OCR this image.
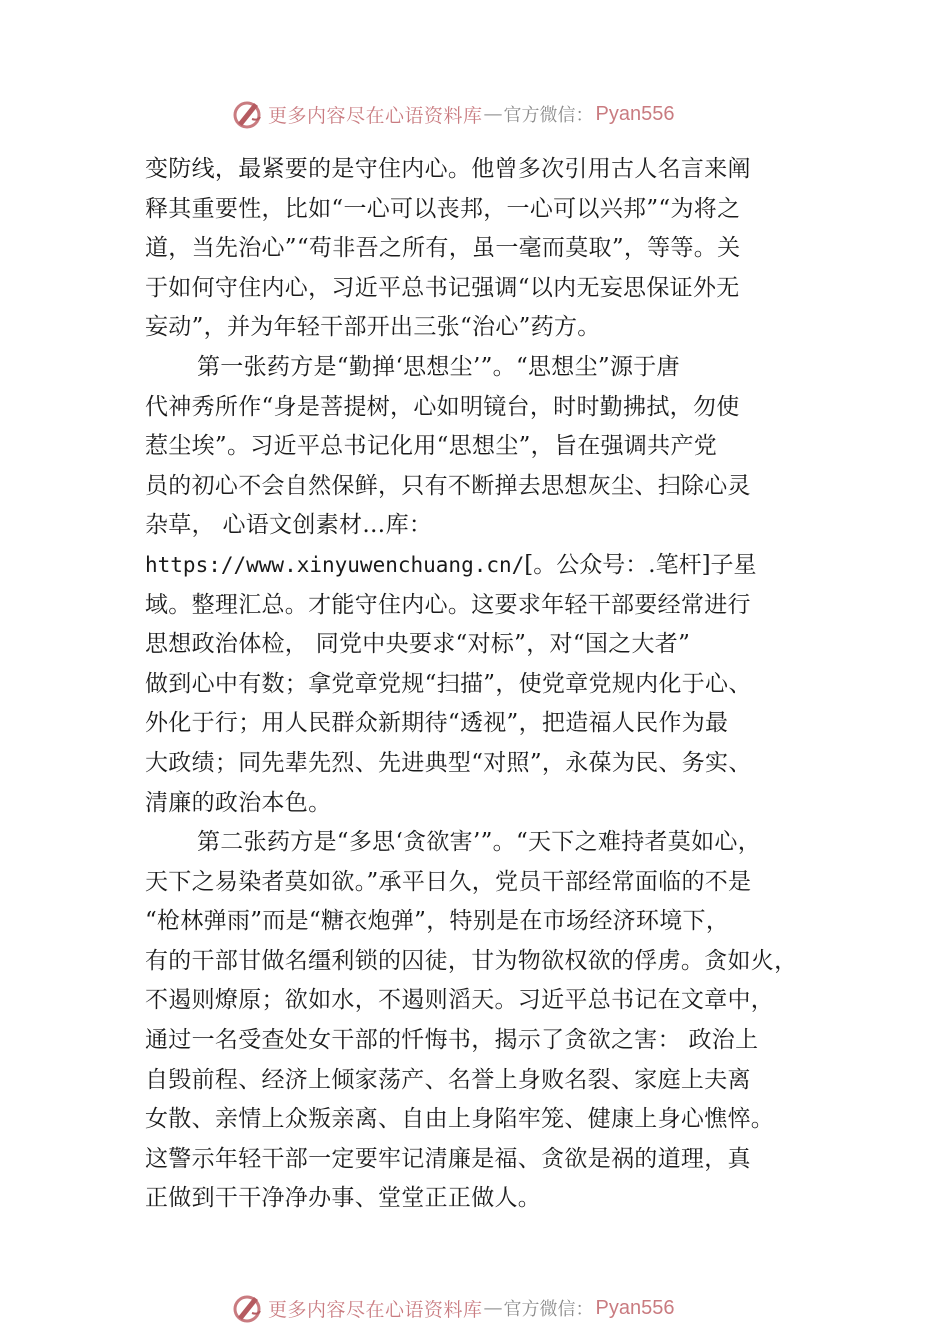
更多内容尽在心语资料库 — 官方微信： Pyan556
变防线，最紧要的是守住内心。他曾多次引用古人名言来阐
释其重要性，比如“一心可以丧邦，一心可以兴邦”“为将之
道，当先治心”“苟非吾之所有，虽一毫而莫取”，等等。关
于如何守住内心，习近平总书记强调“以内无妄思保证外无
妄动”，并为年轻干部开出三张“治心”药方。
第一张药方是“勤掸‘思想尘’”。“思想尘”源于唐
代神秀所作“身是菩提树，心如明镜台，时时勤拂拭，勿使
惹尘埃”。习近平总书记化用“思想尘”，旨在强调共产党
员的初心不会自然保鲜，只有不断掸去思想灰尘、扫除心灵
杂草， 心语文创素材…库：
https://www.xinyuwenchuang.cn/[。公众号：.笔杆]子星
域。整理汇总。才能守住内心。这要求年轻干部要经常进行
思想政治体检， 同党中央要求“对标”，对“国之大者”
做到心中有数；拿党章党规“扫描”，使党章党规内化于心、
外化于行；用人民群众新期待“透视”，把造福人民作为最
大政绩；同先辈先烈、先进典型“对照”，永葆为民、务实、
清廉的政治本色。
第二张药方是“多思‘贪欲害’”。“天下之难持者莫如心，
天下之易染者莫如欲。”承平日久，党员干部经常面临的不是
“枪林弹雨”而是“糖衣炮弹”，特别是在市场经济环境下，
有的干部甘做名缰利锁的囚徒，甘为物欲权欲的俘虏。贪如火，
不遏则燎原；欲如水，不遏则滔天。习近平总书记在文章中，
通过一名受查处女干部的忏悔书，揭示了贪欲之害： 政治上
自毁前程、经济上倾家荡产、名誉上身败名裂、家庭上夫离
女散、亲情上众叛亲离、自由上身陷牢笼、健康上身心憔悴。
这警示年轻干部一定要牢记清廉是福、贪欲是祸的道理，真
正做到干干净净办事、堂堂正正做人。
更多内容尽在心语资料库 — 官方微信： Pyan556
